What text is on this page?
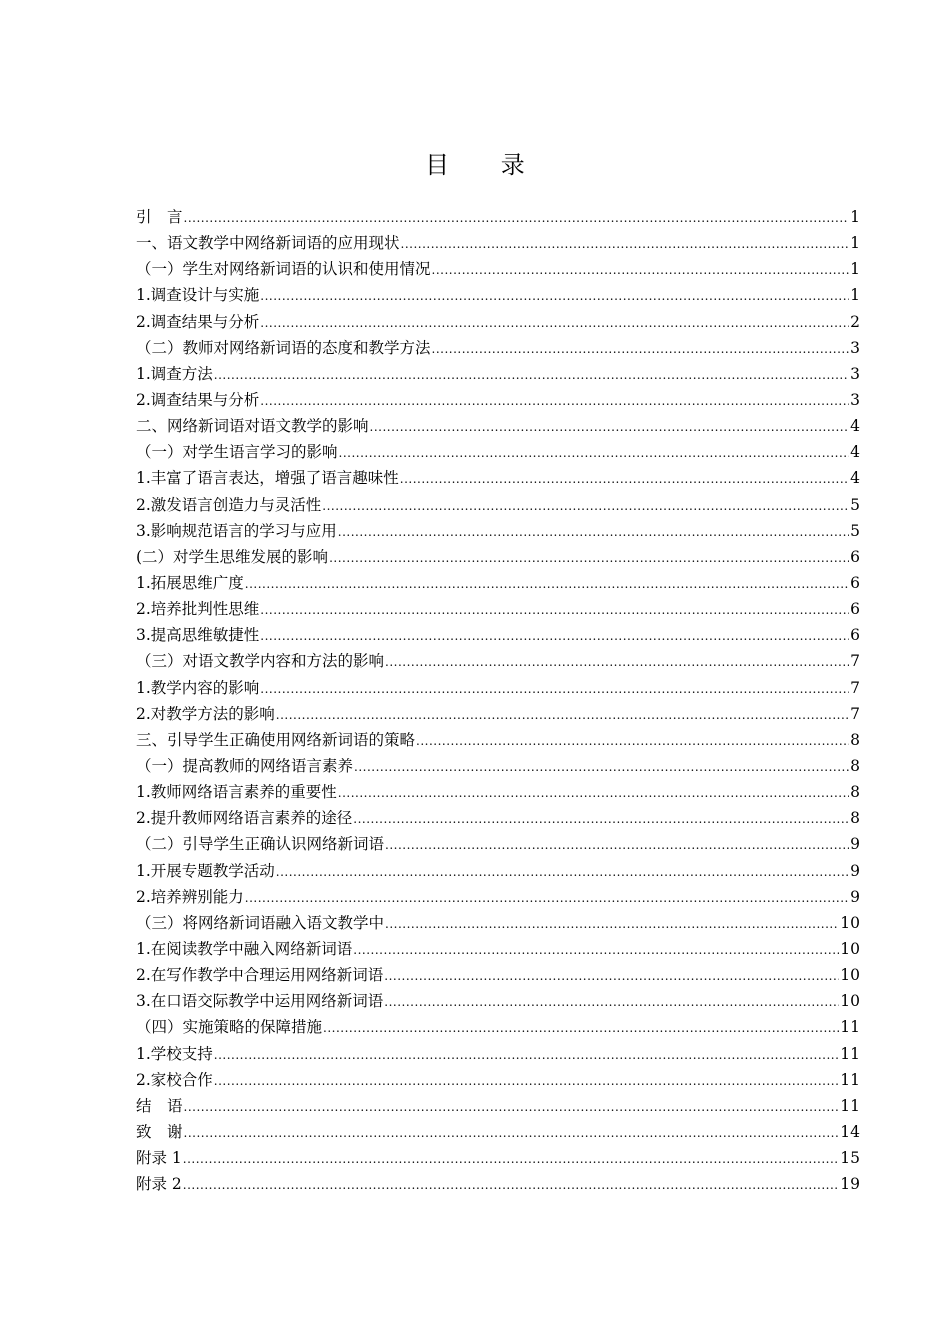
目 录
引　言 .....	1
一、语文教学中网络新词语的应用现状 .....	1
（一）学生对网络新词语的认识和使用情况 .....	1
1.调查设计与实施 .....	1
2.调查结果与分析 .....	2
（二）教师对网络新词语的态度和教学方法 .....	3
1.调查方法 .....	3
2.调查结果与分析 .....	3
二、网络新词语对语文教学的影响 .....	4
（一）对学生语言学习的影响 .....	4
1.丰富了语言表达，增强了语言趣味性 .....	4
2.激发语言创造力与灵活性 .....	5
3.影响规范语言的学习与应用 .....	5
(二）对学生思维发展的影响 .....	6
1.拓展思维广度 .....	6
2.培养批判性思维 .....	6
3.提高思维敏捷性 .....	6
（三）对语文教学内容和方法的影响 .....	7
1.教学内容的影响 .....	7
2.对教学方法的影响 .....	7
三、引导学生正确使用网络新词语的策略 .....	8
（一）提高教师的网络语言素养 .....	8
1.教师网络语言素养的重要性 .....	8
2.提升教师网络语言素养的途径 .....	8
（二）引导学生正确认识网络新词语 .....	9
1.开展专题教学活动 .....	9
2.培养辨别能力 .....	9
（三）将网络新词语融入语文教学中 .....	10
1.在阅读教学中融入网络新词语 .....	10
2.在写作教学中合理运用网络新词语 .....	10
3.在口语交际教学中运用网络新词语 .....	10
（四）实施策略的保障措施 .....	11
1.学校支持 .....	11
2.家校合作 .....	11
结　语 .....	11
致　谢 .....	14
附录 1 .....	15
附录 2 .....	19
